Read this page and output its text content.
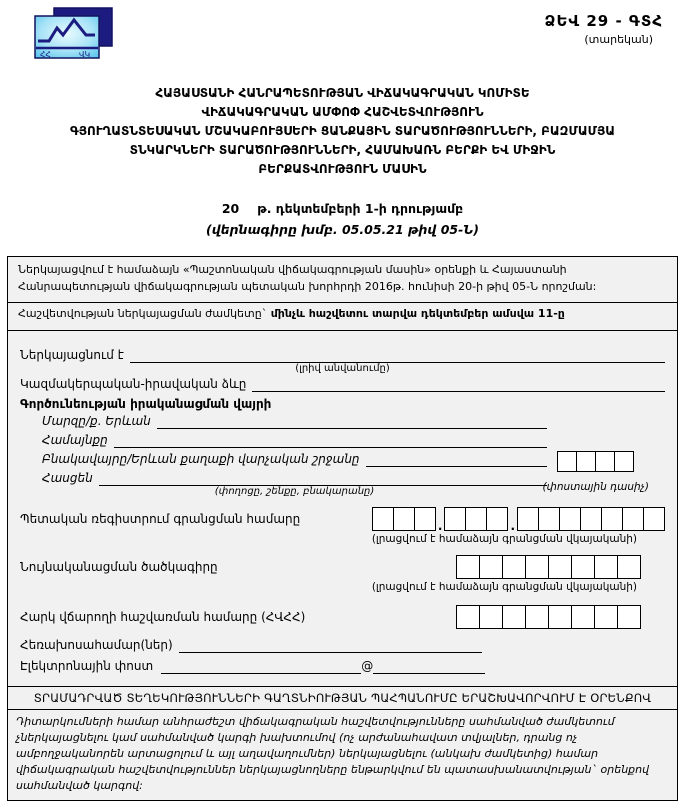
ՀՀ	ՎԿ
ՁԵՎ 29 - ԳՏՀ
(տարեկան)
ՀԱՅԱՍՏԱՆԻ ՀԱՆՐԱՊԵՏՈՒԹՅԱՆ ՎԻՃԱԿԱԳՐԱԿԱՆ ԿՈՄԻՏԵ
ՎԻՃԱԿԱԳՐԱԿԱՆ ԱՄՓՈՓ ՀԱՇՎԵՏՎՈՒԹՅՈՒՆ
ԳՅՈՒՂԱՏՆՏԵՍԱԿԱՆ ՄՇԱԿԱԲՈՒՅՍԵՐԻ ՑԱՆՔԱՅԻՆ ՏԱՐԱԾՈՒԹՅՈՒՆՆԵՐԻ, ԲԱԶՄԱՄՅԱ
ՏՆԿԱՐԿՆԵՐԻ ՏԱՐԱԾՈՒԹՅՈՒՆՆԵՐԻ, ՀԱՄԱԽԱՌՆ ԲԵՐՔԻ ԵՎ ՄԻՋԻՆ
ԲԵՐՔԱՏՎՈՒԹՅՈՒՆ ՄԱՍԻՆ
20 թ. դեկտեմբերի 1-ի դրությամբ
(վերնագիրը խմբ. 05.05.21 թիվ 05-Ն)
Ներկայացվում է համաձայն «Պաշտոնական վիճակագրության մասին» օրենքի և Հայաստանի Հանրապետության վիճակագրության պետական խորհրդի 2016թ. հունիսի 20-ի թիվ 05-Ն որոշման:
Հաշվետվության ներկայացման ժամկետը` մինչև հաշվետու տարվա դեկտեմբեր ամսվա 11-ը
Ներկայացնում է
(լրիվ անվանումը)
Կազմակերպական-իրավական ձևը
Գործունեության իրականացման վայրի
Մարզը/ք. Երևան
Համայնքը
Բնակավայրը/Երևան քաղաքի վարչական շրջանը
Հասցեն
(փողոցը, շենքը, բնակարանը)	(փոստային դասիչ)
Պետական ռեգիստրում գրանցման համարը	.	.
(լրացվում է համաձայն գրանցման վկայականի)
Նույնականացման ծածկագիրը
(լրացվում է համաձայն գրանցման վկայականի)
Հարկ վճարողի հաշվառման համարը (ՀՎՀՀ)
Հեռախոսահամար(ներ)
Էլեկտրոնային փոստ	@
ՏՐԱՄԱԴՐՎԱԾ ՏԵՂԵԿՈՒԹՅՈՒՆՆԵՐԻ ԳԱՂՏՆԻՈՒԹՅԱՆ ՊԱՀՊԱՆՈՒՄԸ ԵՐԱՇԽԱՎՈՐՎՈՒՄ Է ՕՐԵՆՔՈՎ
Դիտարկումների համար անհրաժեշտ վիճակագրական հաշվետվությունները սահմանված ժամկետում չներկայացնելու կամ սահմանված կարգի խախտումով (ոչ արժանահավատ տվյալներ, դրանց ոչ ամբողջականորեն արտացոլում և այլ աղավաղումներ) ներկայացնելու (անկախ ժամկետից) համար վիճակագրական հաշվետվություններ ներկայացնողները ենթարկվում են պատասխանատվության` օրենքով սահմանված կարգով:
